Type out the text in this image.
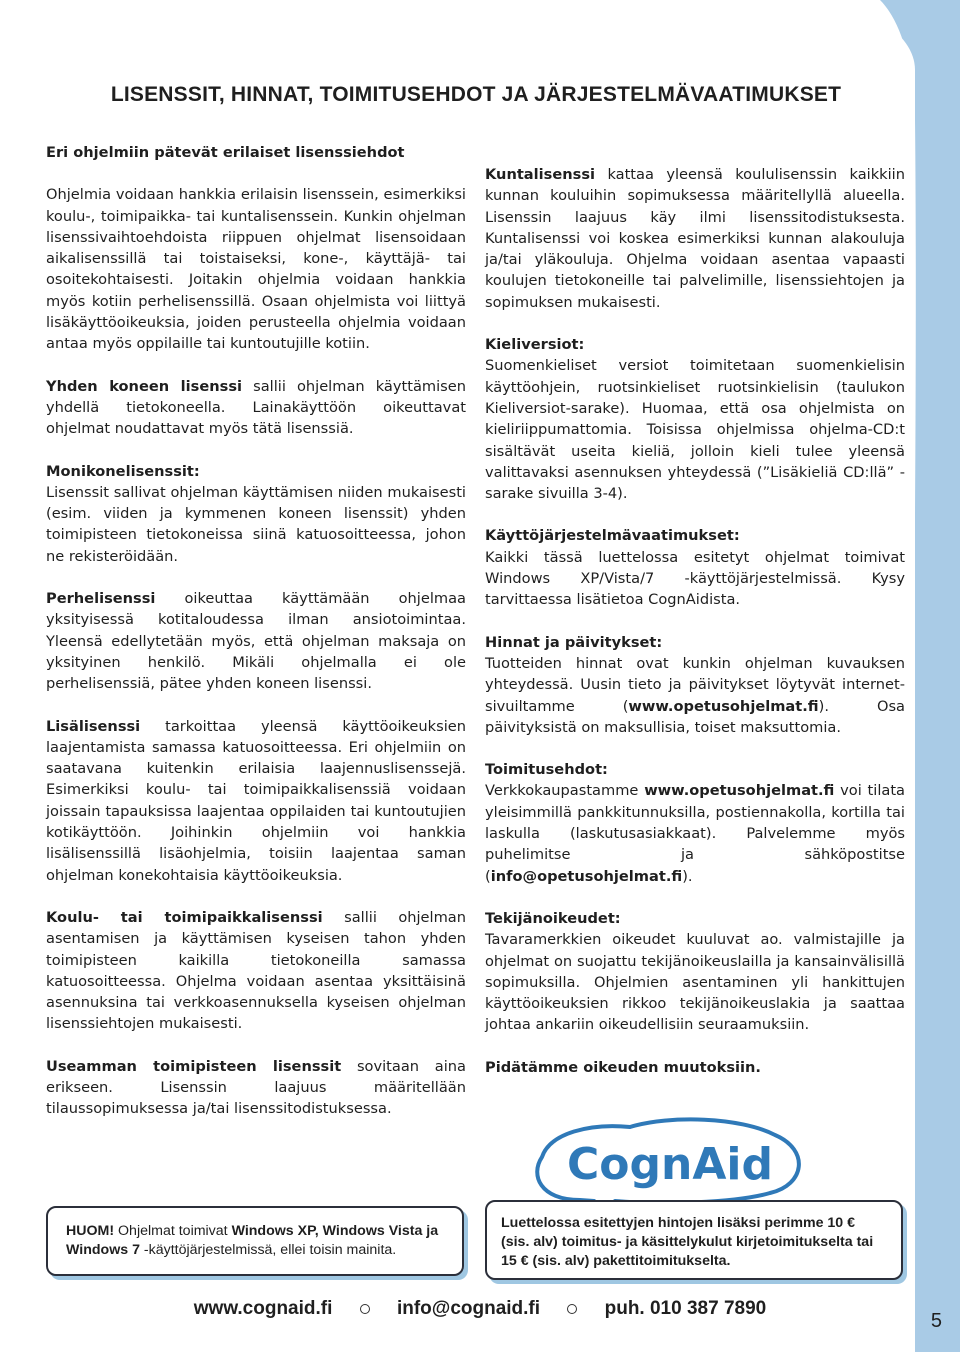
LISENSSIT, HINNAT, TOIMITUSEHDOT JA JÄRJESTELMÄVAATIMUKSET

Eri ohjelmiin pätevät erilaiset lisenssiehdot

Ohjelmia voidaan hankkia erilaisin lisenssein, esimerkiksi koulu-, toimipaikka- tai kuntalisenssein. Kunkin ohjelman lisenssivaihtoehdoista riippuen ohjelmat lisensoidaan aikalisenssillä tai toistaiseksi, kone-, käyttäjä- tai osoitekohtaisesti. Joitakin ohjelmia voidaan hankkia myös kotiin perhelisenssillä. Osaan ohjelmista voi liittyä lisäkäyttöoikeuksia, joiden perusteella ohjelmia voidaan antaa myös oppilaille tai kuntoutujille kotiin.

Yhden koneen lisenssi sallii ohjelman käyttämisen yhdellä tietokoneella. Lainakäyttöön oikeuttavat ohjelmat noudattavat myös tätä lisenssiä.

Monikonelisenssit:
Lisenssit sallivat ohjelman käyttämisen niiden mukaisesti (esim. viiden ja kymmenen koneen lisenssit) yhden toimipisteen tietokoneissa siinä katuosoitteessa, johon ne rekisteröidään.

Perhelisenssi oikeuttaa käyttämään ohjelmaa yksityisessä kotitaloudessa ilman ansiotoimintaa. Yleensä edellytetään myös, että ohjelman maksaja on yksityinen henkilö. Mikäli ohjelmalla ei ole perhelisenssiä, pätee yhden koneen lisenssi.

Lisälisenssi tarkoittaa yleensä käyttöoikeuksien laajentamista samassa katuosoitteessa. Eri ohjelmiin on saatavana kuitenkin erilaisia laajennuslisenssejä. Esimerkiksi koulu- tai toimipaikkalisenssiä voidaan joissain tapauksissa laajentaa oppilaiden tai kuntoutujien kotikäyttöön. Joihinkin ohjelmiin voi hankkia lisälisenssillä lisäohjelmia, toisiin laajentaa saman ohjelman konekohtaisia käyttöoikeuksia.

Koulu- tai toimipaikkalisenssi sallii ohjelman asentamisen ja käyttämisen kyseisen tahon yhden toimipisteen kaikilla tietokoneilla samassa katuosoitteessa. Ohjelma voidaan asentaa yksittäisinä asennuksina tai verkkoasennuksella kyseisen ohjelman lisenssiehtojen mukaisesti.

Useamman toimipisteen lisenssit sovitaan aina erikseen. Lisenssin laajuus määritellään tilaussopimuksessa ja/tai lisenssitodistuksessa.

Kuntalisenssi kattaa yleensä koululisenssin kaikkiin kunnan kouluihin sopimuksessa määritellyllä alueella. Lisenssin laajuus käy ilmi lisenssitodistuksesta. Kuntalisenssi voi koskea esimerkiksi kunnan alakouluja ja/tai yläkouluja. Ohjelma voidaan asentaa vapaasti koulujen tietokoneille tai palvelimille, lisenssiehtojen ja sopimuksen mukaisesti.

Kieliversiot:
Suomenkieliset versiot toimitetaan suomenkielisin käyttöohjein, ruotsinkieliset ruotsinkielisin (taulukon Kieliversiot-sarake). Huomaa, että osa ohjelmista on kieliriippumattomia. Toisissa ohjelmissa ohjelma-CD:t sisältävät useita kieliä, jolloin kieli tulee yleensä valittavaksi asennuksen yhteydessä (”Lisäkieliä CD:llä” -sarake sivuilla 3-4).

Käyttöjärjestelmävaatimukset:
Kaikki tässä luettelossa esitetyt ohjelmat toimivat Windows XP/Vista/7 -käyttöjärjestelmissä. Kysy tarvittaessa lisätietoa CognAidista.

Hinnat ja päivitykset:
Tuotteiden hinnat ovat kunkin ohjelman kuvauksen yhteydessä. Uusin tieto ja päivitykset löytyvät internet-sivuiltamme (www.opetusohjelmat.fi). Osa päivityksistä on maksullisia, toiset maksuttomia.

Toimitusehdot:
Verkkokaupastamme www.opetusohjelmat.fi voi tilata yleisimmillä pankkitunnuksilla, postiennakolla, kortilla tai laskulla (laskutusasiakkaat). Palvelemme myös puhelimitse ja sähköpostitse (info@opetusohjelmat.fi).

Tekijänoikeudet:
Tavaramerkkien oikeudet kuuluvat ao. valmistajille ja ohjelmat on suojattu tekijänoikeuslailla ja kansainvälisillä sopimuksilla. Ohjelmien asentaminen yli hankittujen käyttöoikeuksien rikkoo tekijänoikeuslakia ja saattaa johtaa ankariin oikeudellisiin seuraamuksiin.

Pidätämme oikeuden muutoksiin.

CognAid
HUOM! Ohjelmat toimivat Windows XP, Windows Vista ja Windows 7 -käyttöjärjestelmissä, ellei toisin mainita.
Luettelossa esitettyjen hintojen lisäksi perimme 10 € (sis. alv) toimitus- ja käsittelykulut kirjetoimitukselta tai 15 € (sis. alv) pakettitoimitukselta.
www.cognaid.fi	info@cognaid.fi	puh. 010 387 7890
5
